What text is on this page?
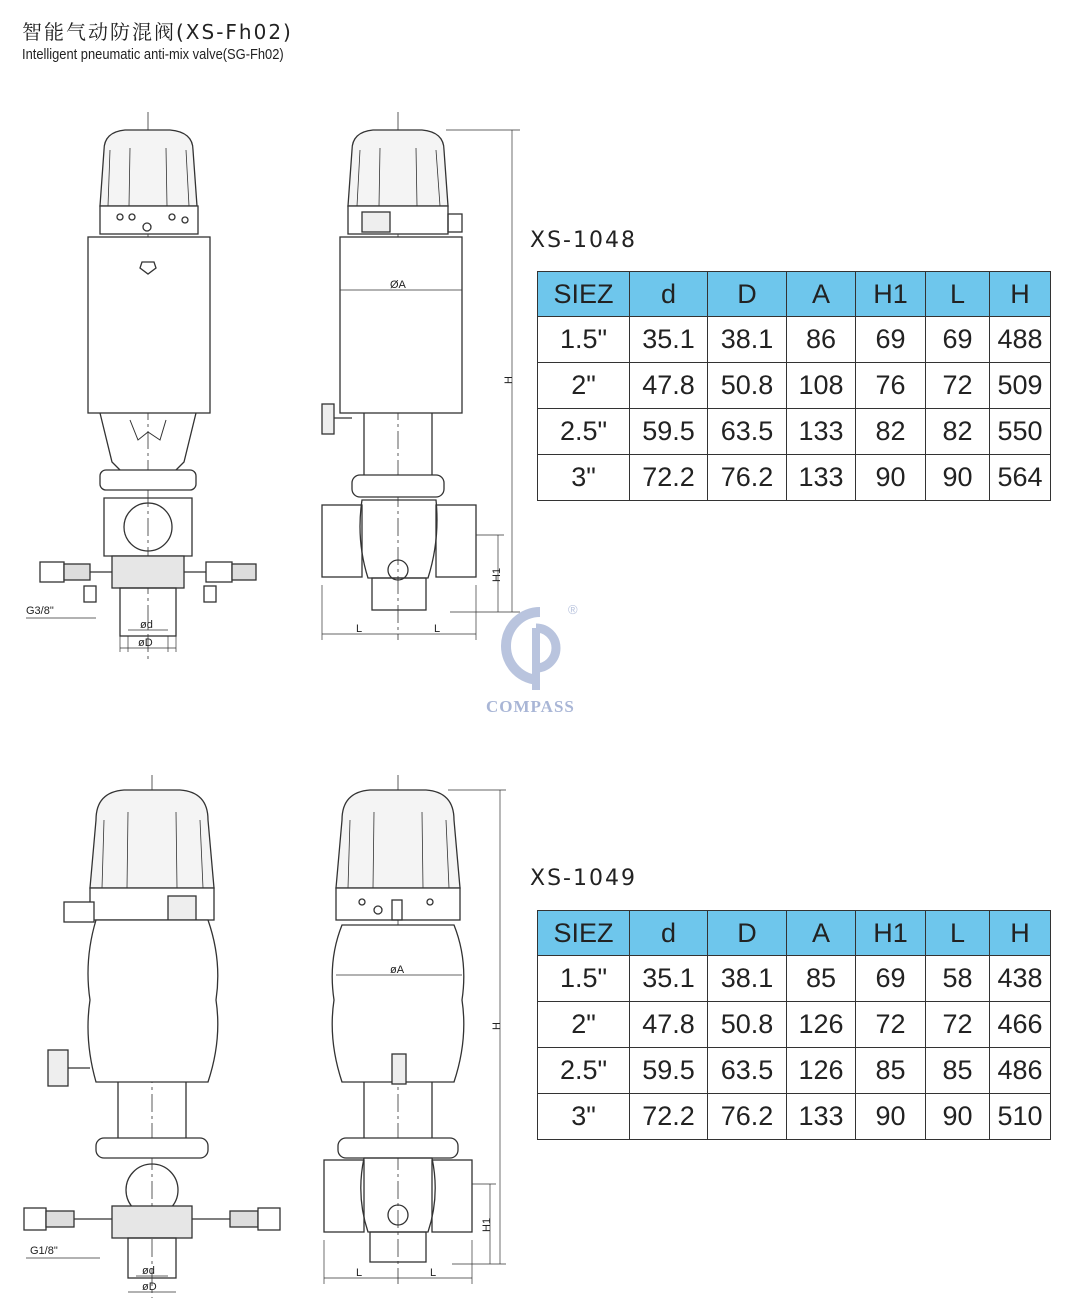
智能气动防混阀(XS-Fh02)
Intelligent pneumatic anti-mix valve(SG-Fh02)
G3/8"
ød
øD
ØA
H
H1
L	L
G1/8"
ød
øD
øA
H
H1
L	L
XS-1048
SIEZ	d	D	A	H1	L	H
1.5"	35.1	38.1	86	69	69	488
2"	47.8	50.8	108	76	72	509
2.5"	59.5	63.5	133	82	82	550
3"	72.2	76.2	133	90	90	564
XS-1049
SIEZ	d	D	A	H1	L	H
1.5"	35.1	38.1	85	69	58	438
2"	47.8	50.8	126	72	72	466
2.5"	59.5	63.5	126	85	85	486
3"	72.2	76.2	133	90	90	510
®
COMPASS
